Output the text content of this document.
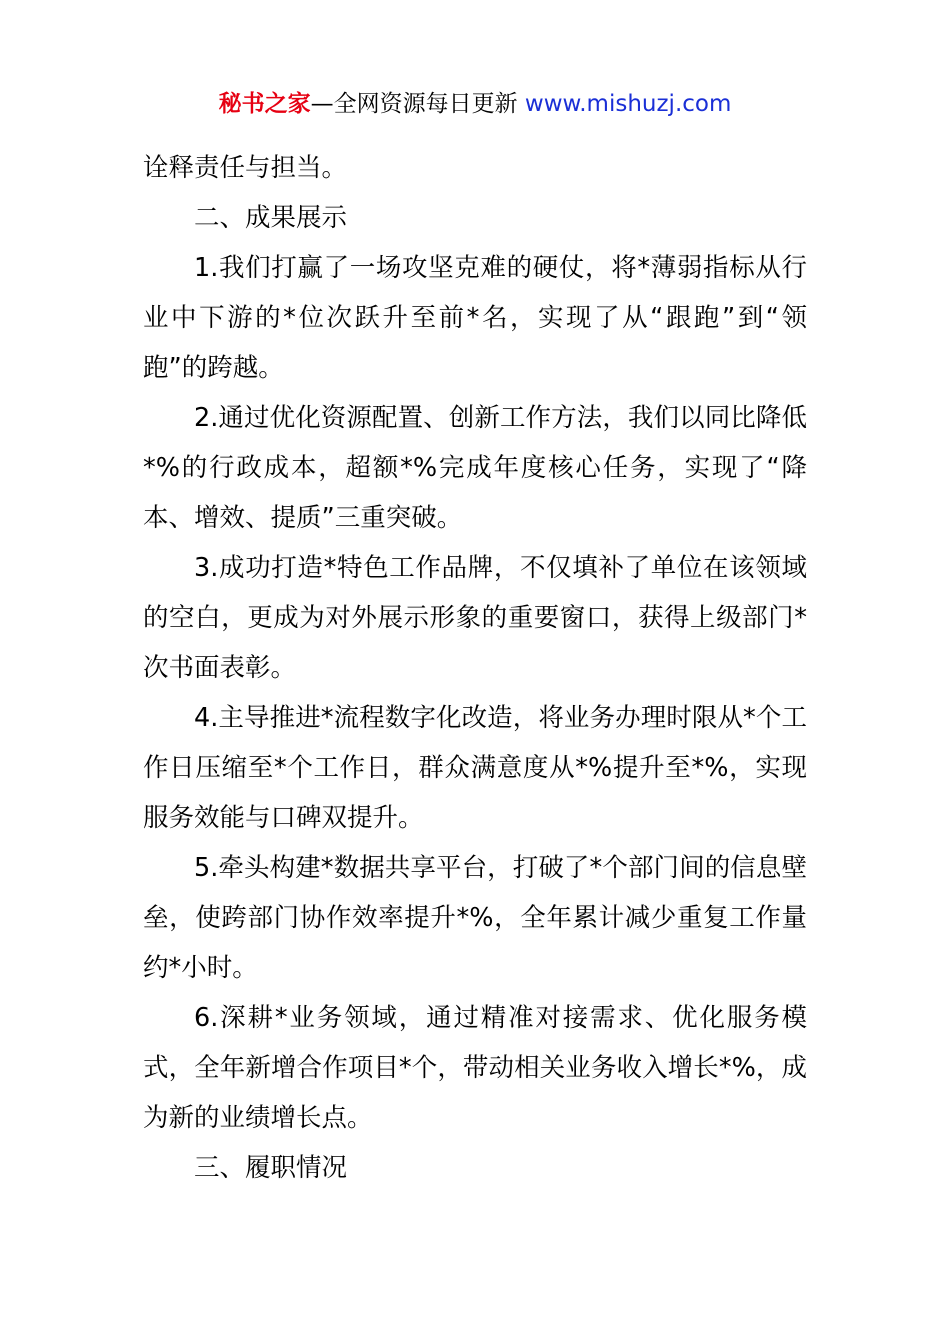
秘书之家—全网资源每日更新 www.mishuzj.com

诠释责任与担当。

二、成果展示

1.我们打赢了一场攻坚克难的硬仗，将*薄弱指标从行业中下游的*位次跃升至前*名，实现了从“跟跑”到“领跑”的跨越。

2.通过优化资源配置、创新工作方法，我们以同比降低*%的行政成本，超额*%完成年度核心任务，实现了“降本、增效、提质”三重突破。

3.成功打造*特色工作品牌，不仅填补了单位在该领域的空白，更成为对外展示形象的重要窗口，获得上级部门*次书面表彰。

4.主导推进*流程数字化改造，将业务办理时限从*个工作日压缩至*个工作日，群众满意度从*%提升至*%，实现服务效能与口碑双提升。

5.牵头构建*数据共享平台，打破了*个部门间的信息壁垒，使跨部门协作效率提升*%，全年累计减少重复工作量约*小时。

6.深耕*业务领域，通过精准对接需求、优化服务模式，全年新增合作项目*个，带动相关业务收入增长*%，成为新的业绩增长点。

三、履职情况
